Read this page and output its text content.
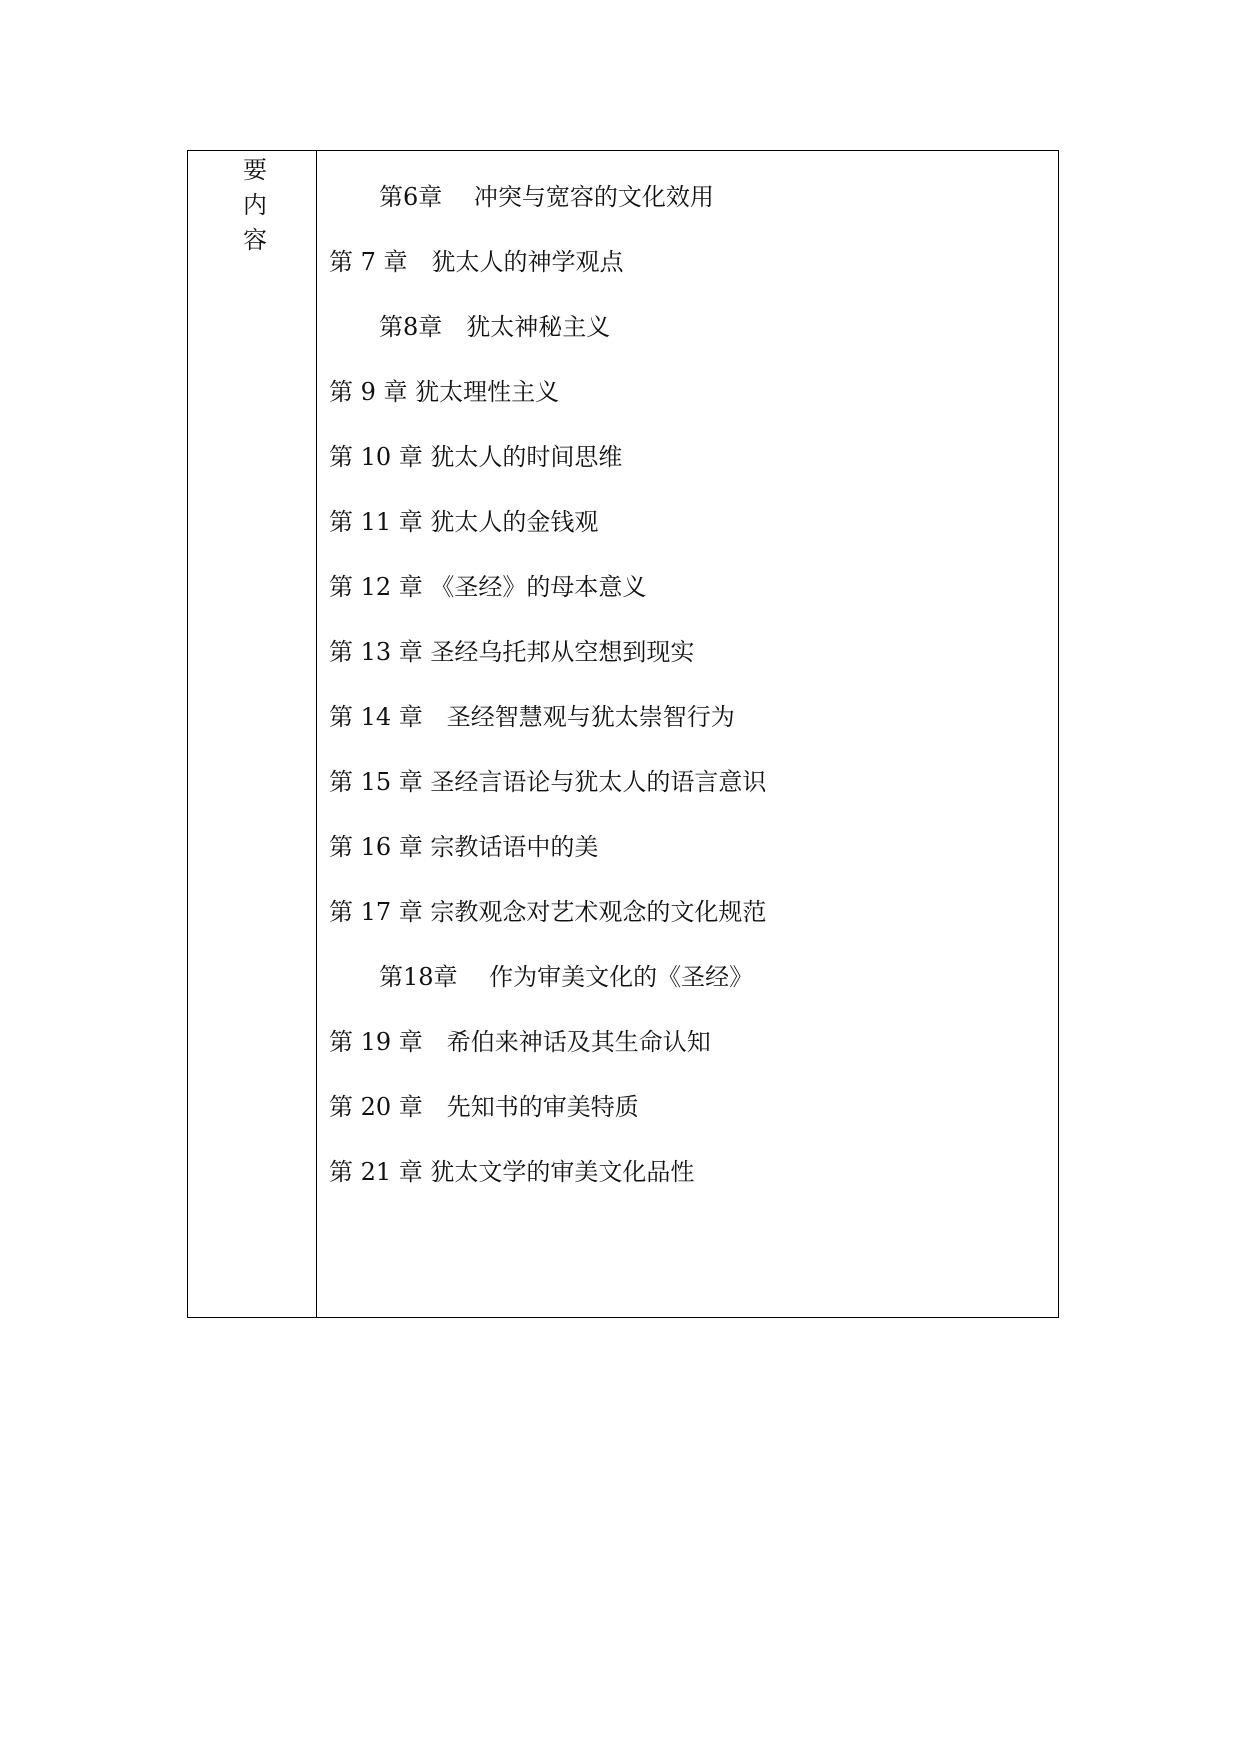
要
内
容
第6章　 冲突与宽容的文化效用
第 7 章　犹太人的神学观点
第8章　犹太神秘主义
第 9 章 犹太理性主义
第 10 章 犹太人的时间思维
第 11 章 犹太人的金钱观
第 12 章 《圣经》的母本意义
第 13 章 圣经乌托邦从空想到现实
第 14 章　圣经智慧观与犹太崇智行为
第 15 章 圣经言语论与犹太人的语言意识
第 16 章 宗教话语中的美
第 17 章 宗教观念对艺术观念的文化规范
第18章　 作为审美文化的《圣经》
第 19 章　希伯来神话及其生命认知
第 20 章　先知书的审美特质
第 21 章 犹太文学的审美文化品性
